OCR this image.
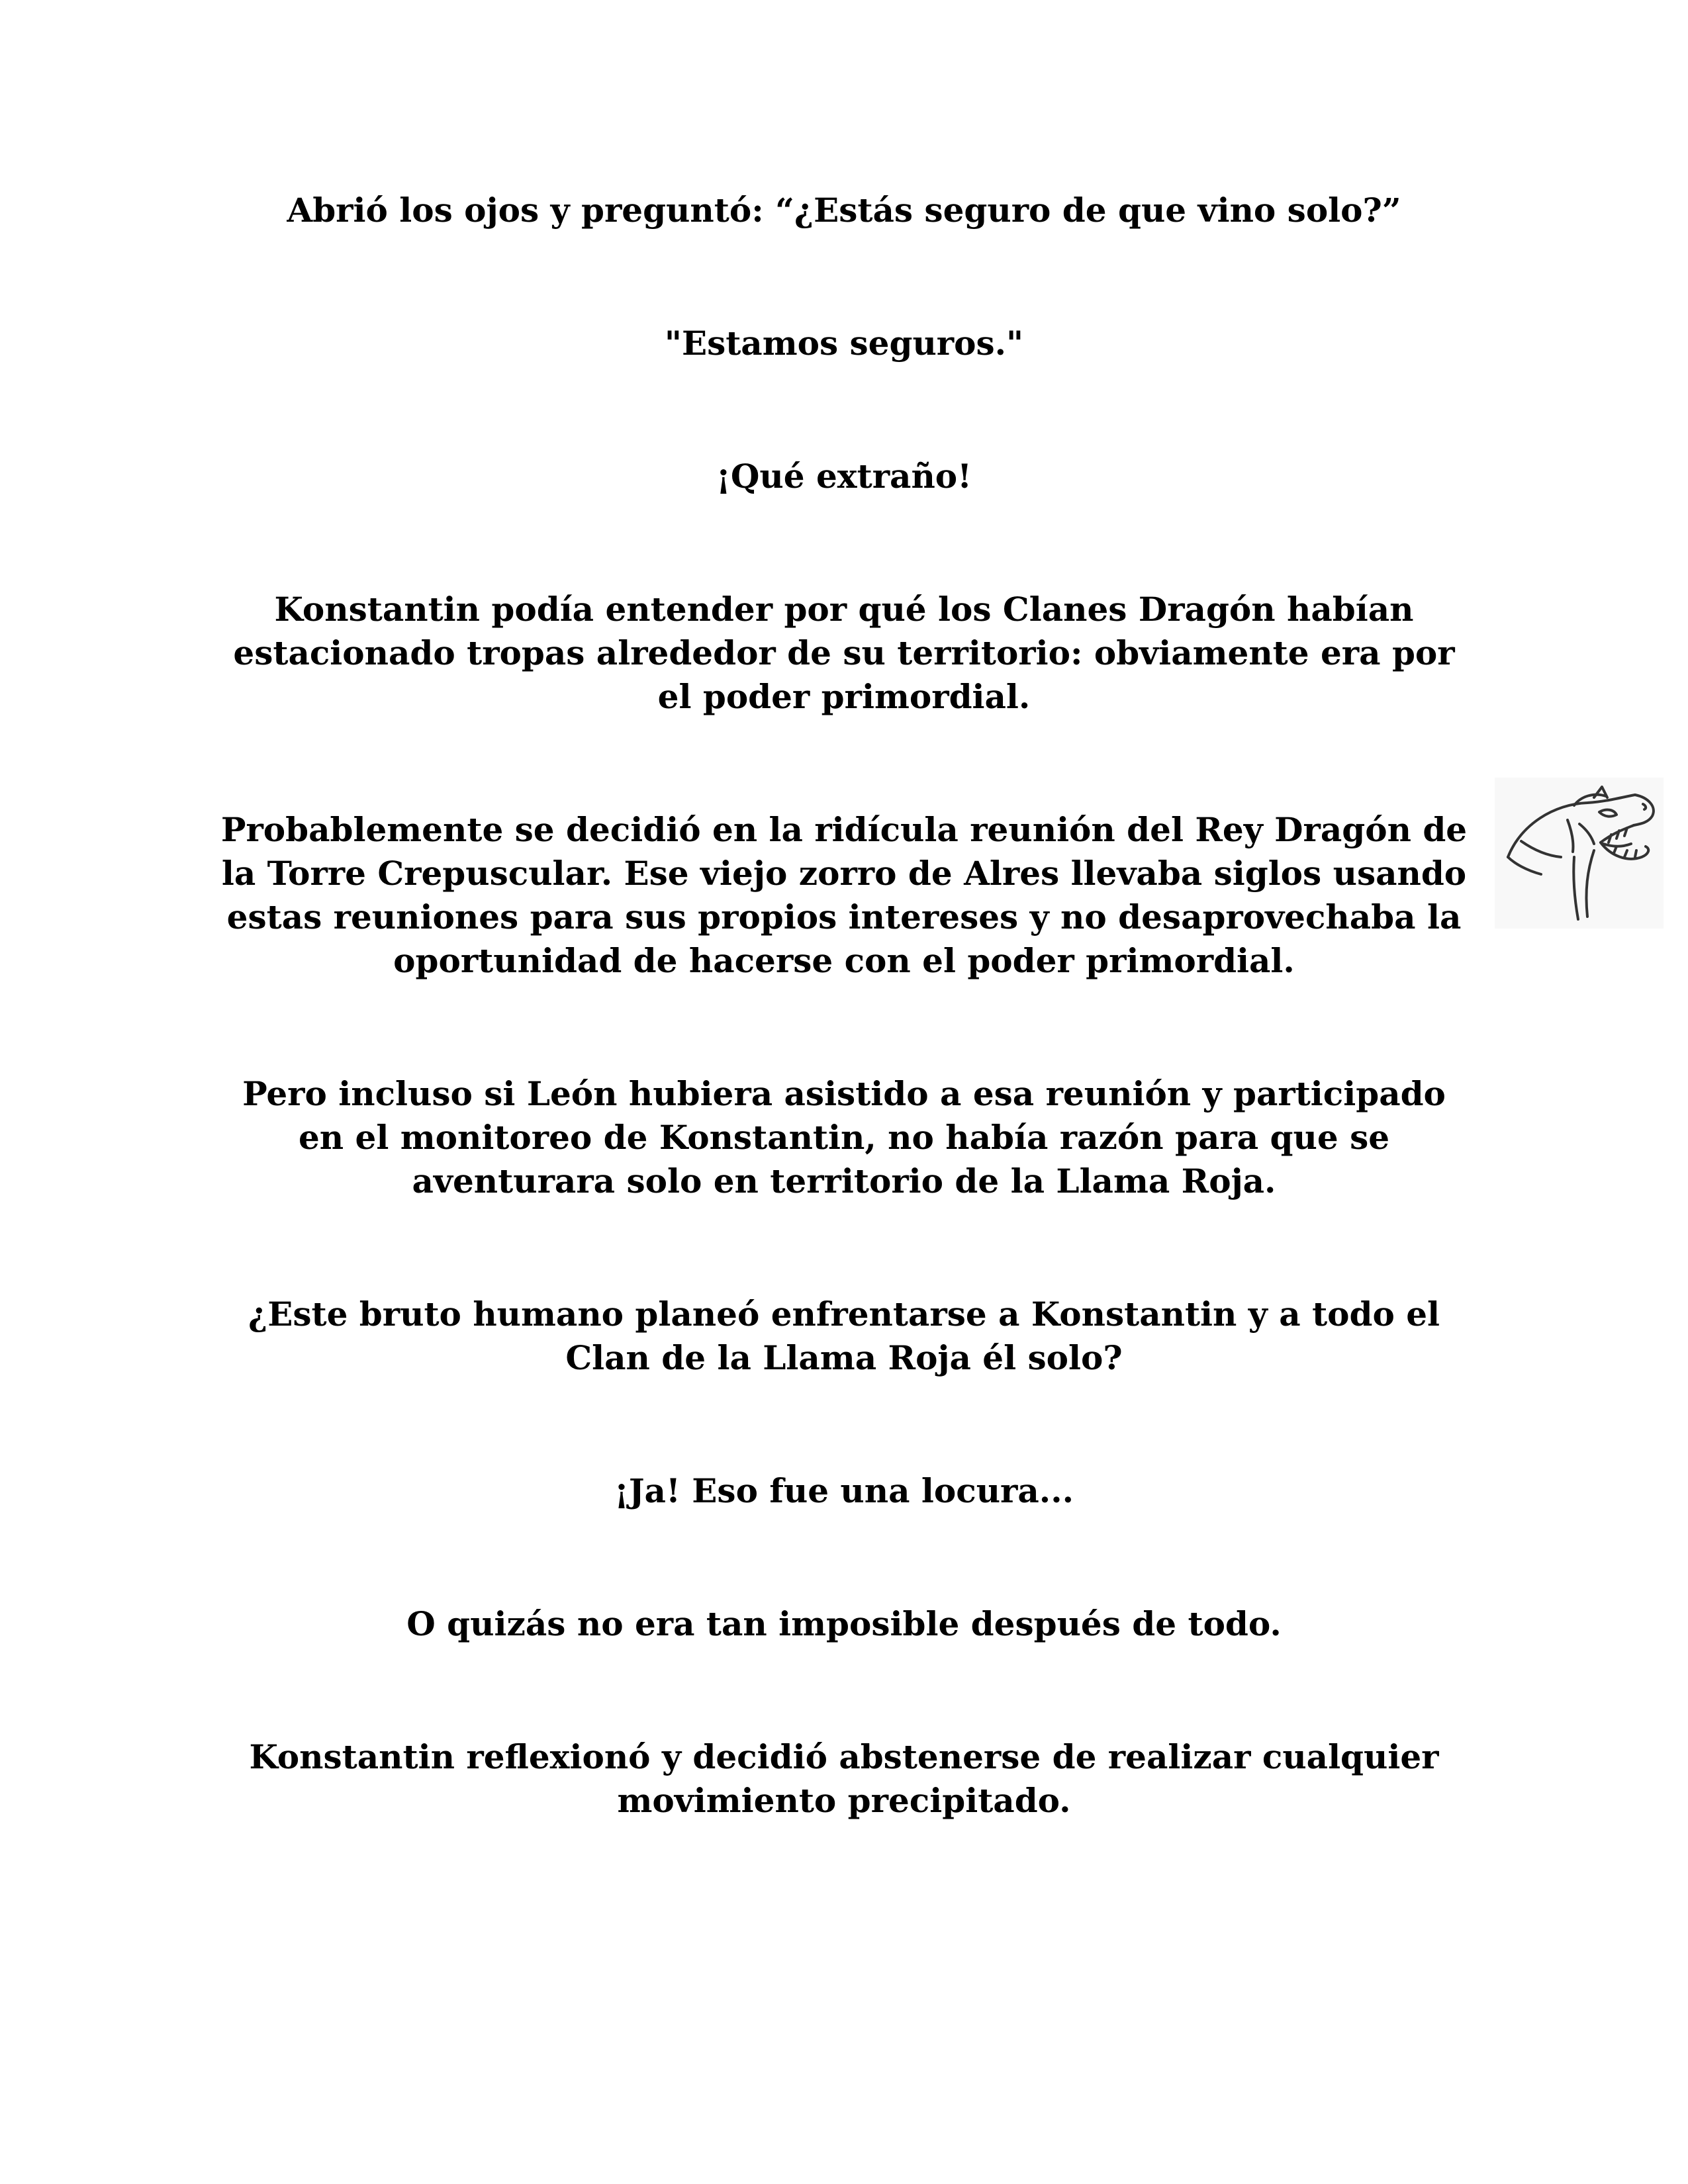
Abrió los ojos y preguntó: “¿Estás seguro de que vino solo?”

"Estamos seguros."

¡Qué extraño!

Konstantin podía entender por qué los Clanes Dragón habían estacionado tropas alrededor de su territorio: obviamente era por el poder primordial.

Probablemente se decidió en la ridícula reunión del Rey Dragón de la Torre Crepuscular. Ese viejo zorro de Alres llevaba siglos usando estas reuniones para sus propios intereses y no desaprovechaba la oportunidad de hacerse con el poder primordial.

Pero incluso si León hubiera asistido a esa reunión y participado en el monitoreo de Konstantin, no había razón para que se aventurara solo en territorio de la Llama Roja.

¿Este bruto humano planeó enfrentarse a Konstantin y a todo el Clan de la Llama Roja él solo?

¡Ja! Eso fue una locura...

O quizás no era tan imposible después de todo.

Konstantin reflexionó y decidió abstenerse de realizar cualquier movimiento precipitado.
